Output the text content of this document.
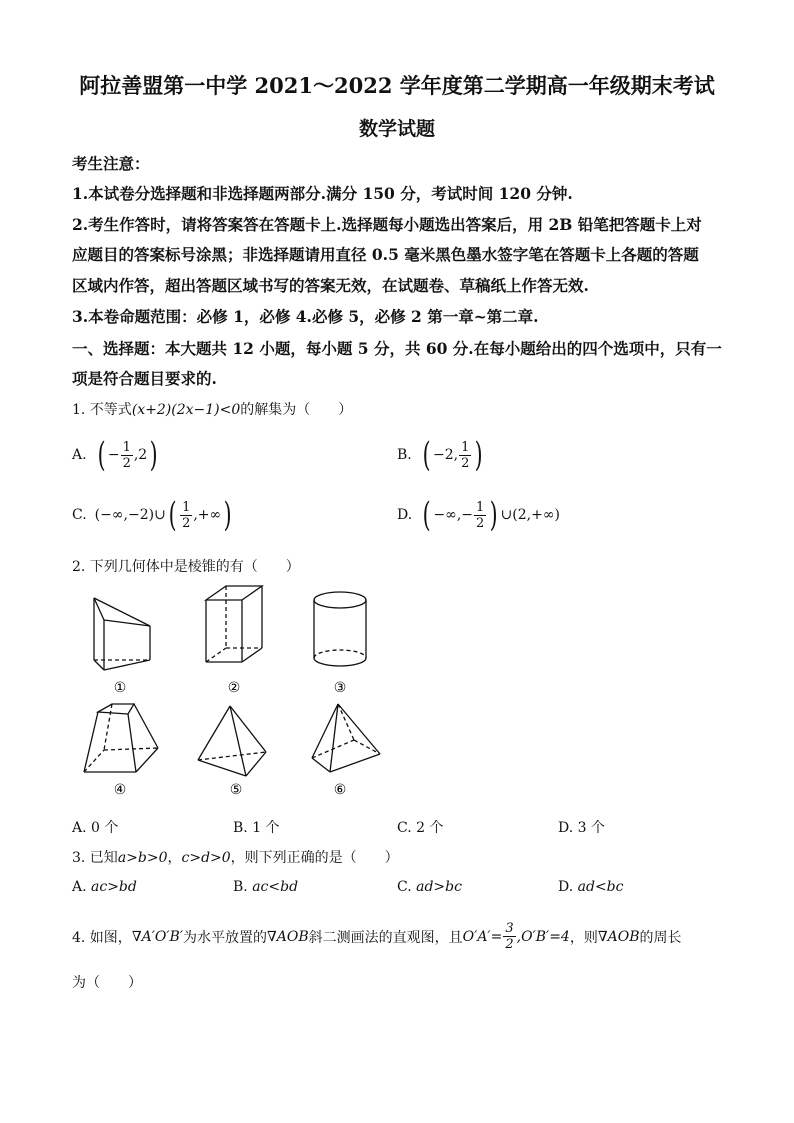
阿拉善盟第一中学 2021～2022 学年度第二学期高一年级期末考试
数学试题
考生注意：
1.本试卷分选择题和非选择题两部分.满分 150 分，考试时间 120 分钟.
2.考生作答时，请将答案答在答题卡上.选择题每小题选出答案后，用 2B 铅笔把答题卡上对
应题目的答案标号涂黑；非选择题请用直径 0.5 毫米黑色墨水签字笔在答题卡上各题的答题
区域内作答，超出答题区域书写的答案无效，在试题卷、草稿纸上作答无效.
3.本卷命题范围：必修 1，必修 4.必修 5，必修 2 第一章~第二章.
一、选择题：本大题共 12 小题，每小题 5 分，共 60 分.在每小题给出的四个选项中，只有一
项是符合题目要求的.
1. 不等式(x+2)(2x−1)<0的解集为（　　）
A. ( − $\frac{1}{2} ,2$ )	B. ( −2, $\frac{1}{2}$ )
C. (−∞,−2)∪ ( $\frac{1}{2}$ ,+∞ )	D. ( −∞,− $\frac{1}{2}$ ) ∪(2,+∞)
2. 下列几何体中是棱锥的有（　　）
①	②	③
④	⑤	⑥
A. 0 个	B. 1 个	C. 2 个	D. 3 个
3. 已知a>b>0，c>d>0，则下列正确的是（　　）
A. ac>bd	B. ac<bd	C. ad>bc	D. ad<bc
4. 如图， ∇A′O′B′ 为水平放置的 ∇AOB 斜二测画法的直观图，且 $O'A'= \frac{3}{2} ,O'B'=4$ ，则 ∇AOB 的周长
为（　　）
